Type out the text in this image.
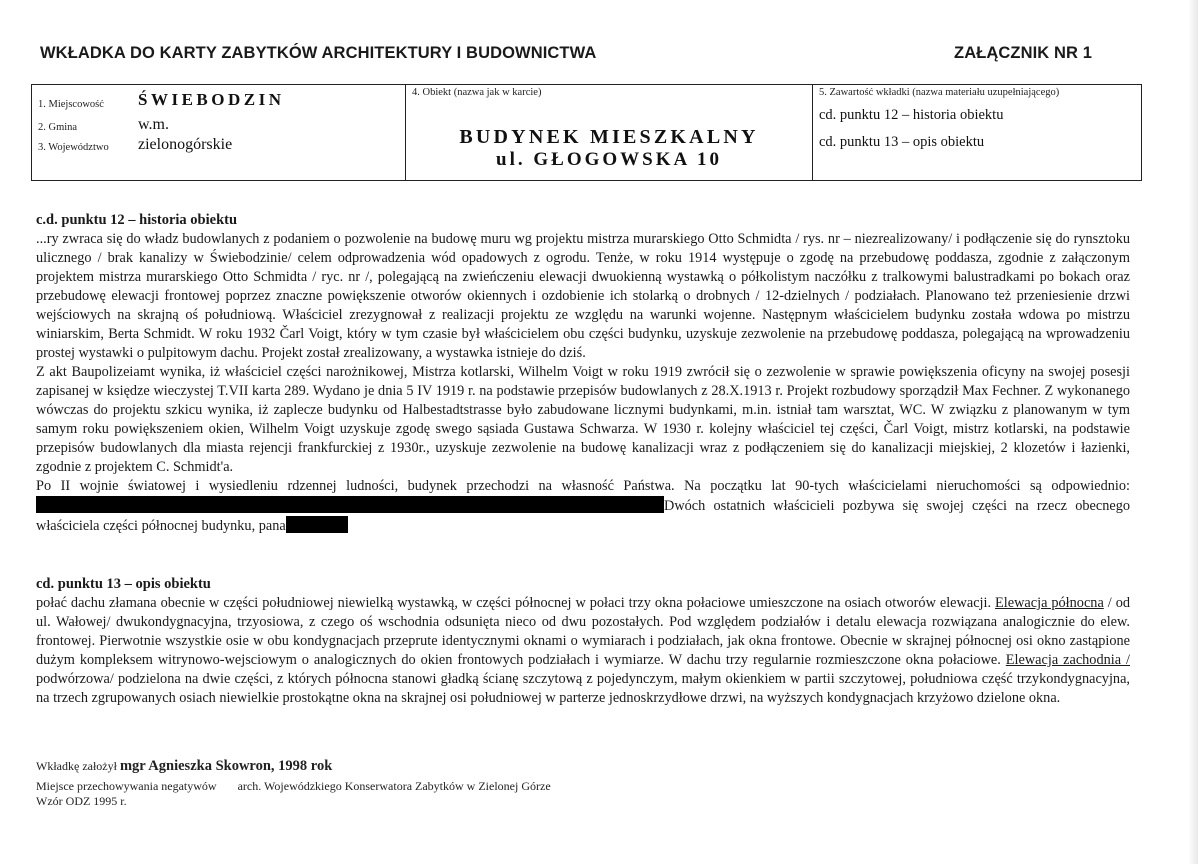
WKŁADKA DO KARTY ZABYTKÓW ARCHITEKTURY I BUDOWNICTWA	ZAŁĄCZNIK NR 1
1. Miejscowość ŚWIEBODZIN
2. Gmina	w.m.
3. Województwo zielonogórskie
4. Obiekt (nazwa jak w karcie)
BUDYNEK MIESZKALNY
ul. GŁOGOWSKA 10
5. Zawartość wkładki (nazwa materiału uzupełniającego)
cd. punktu 12 – historia obiektu
cd. punktu 13 – opis obiektu

c.d. punktu 12 – historia obiektu

...ry zwraca się do władz budowlanych z podaniem o pozwolenie na budowę muru wg projektu mistrza murarskiego Otto Schmidta / rys. nr – niezrealizowany/ i podłączenie się do rynsztoku ulicznego / brak kanalizy w Świebodzinie/ celem odprowadzenia wód opadowych z ogrodu. Tenże, w roku 1914 występuje o zgodę na przebudowę poddasza, zgodnie z załączonym projektem mistrza murarskiego Otto Schmidta / ryc. nr /, polegającą na zwieńczeniu elewacji dwuokienną wystawką o półkolistym naczółku z tralkowymi balustradkami po bokach oraz przebudowę elewacji frontowej poprzez znaczne powiększenie otworów okiennych i ozdobienie ich stolarką o drobnych / 12-dzielnych / podziałach. Planowano też przeniesienie drzwi wejściowych na skrajną oś południową. Właściciel zrezygnował z realizacji projektu ze względu na warunki wojenne. Następnym właścicielem budynku została wdowa po mistrzu winiarskim, Berta Schmidt. W roku 1932 Čarl Voigt, który w tym czasie był właścicielem obu części budynku, uzyskuje zezwolenie na przebudowę poddasza, polegającą na wprowadzeniu prostej wystawki o pulpitowym dachu. Projekt został zrealizowany, a wystawka istnieje do dziś.

Z akt Baupolizeiamt wynika, iż właściciel części narożnikowej, Mistrza kotlarski, Wilhelm Voigt w roku 1919 zwrócił się o zezwolenie w sprawie powiększenia oficyny na swojej posesji zapisanej w księdze wieczystej T.VII karta 289. Wydano je dnia 5 IV 1919 r. na podstawie przepisów budowlanych z 28.X.1913 r. Projekt rozbudowy sporządził Max Fechner. Z wykonanego wówczas do projektu szkicu wynika, iż zaplecze budynku od Halbestadtstrasse było zabudowane licznymi budynkami, m.in. istniał tam warsztat, WC. W związku z planowanym w tym samym roku powiększeniem okien, Wilhelm Voigt uzyskuje zgodę swego sąsiada Gustawa Schwarza. W 1930 r. kolejny właściciel tej części, Čarl Voigt, mistrz kotlarski, na podstawie przepisów budowlanych dla miasta rejencji frankfurckiej z 1930r., uzyskuje zezwolenie na budowę kanalizacji wraz z podłączeniem się do kanalizacji miejskiej, 2 klozetów i łazienki, zgodnie z projektem C. Schmidt'a.

Po II wojnie światowej i wysiedleniu rdzennej ludności, budynek przechodzi na własność Państwa. Na początku lat 90-tych właścicielami nieruchomości są odpowiednio: Dwóch ostatnich właścicieli pozbywa się swojej części na rzecz obecnego właściciela części północnej budynku, pana

cd. punktu 13 – opis obiektu

połać dachu złamana obecnie w części południowej niewielką wystawką, w części północnej w połaci trzy okna połaciowe umieszczone na osiach otworów elewacji. Elewacja północna / od ul. Wałowej/ dwukondygnacyjna, trzyosiowa, z czego oś wschodnia odsunięta nieco od dwu pozostałych. Pod względem podziałów i detalu elewacja rozwiązana analogicznie do elew. frontowej. Pierwotnie wszystkie osie w obu kondygnacjach przeprute identycznymi oknami o wymiarach i podziałach, jak okna frontowe. Obecnie w skrajnej północnej osi okno zastąpione dużym kompleksem witrynowo-wejsciowym o analogicznych do okien frontowych podziałach i wymiarze. W dachu trzy regularnie rozmieszczone okna połaciowe. Elewacja zachodnia / podwórzowa/ podzielona na dwie części, z których północna stanowi gładką ścianę szczytową z pojedynczym, małym okienkiem w partii szczytowej, południowa część trzykondygnacyjna, na trzech zgrupowanych osiach niewielkie prostokątne okna na skrajnej osi południowej w parterze jednoskrzydłowe drzwi, na wyższych kondygnacjach krzyżowo dzielone okna.

Wkładkę założył mgr Agnieszka Skowron, 1998 rok
Miejsce przechowywania negatywów arch. Wojewódzkiego Konserwatora Zabytków w Zielonej Górze
Wzór ODZ 1995 r.
